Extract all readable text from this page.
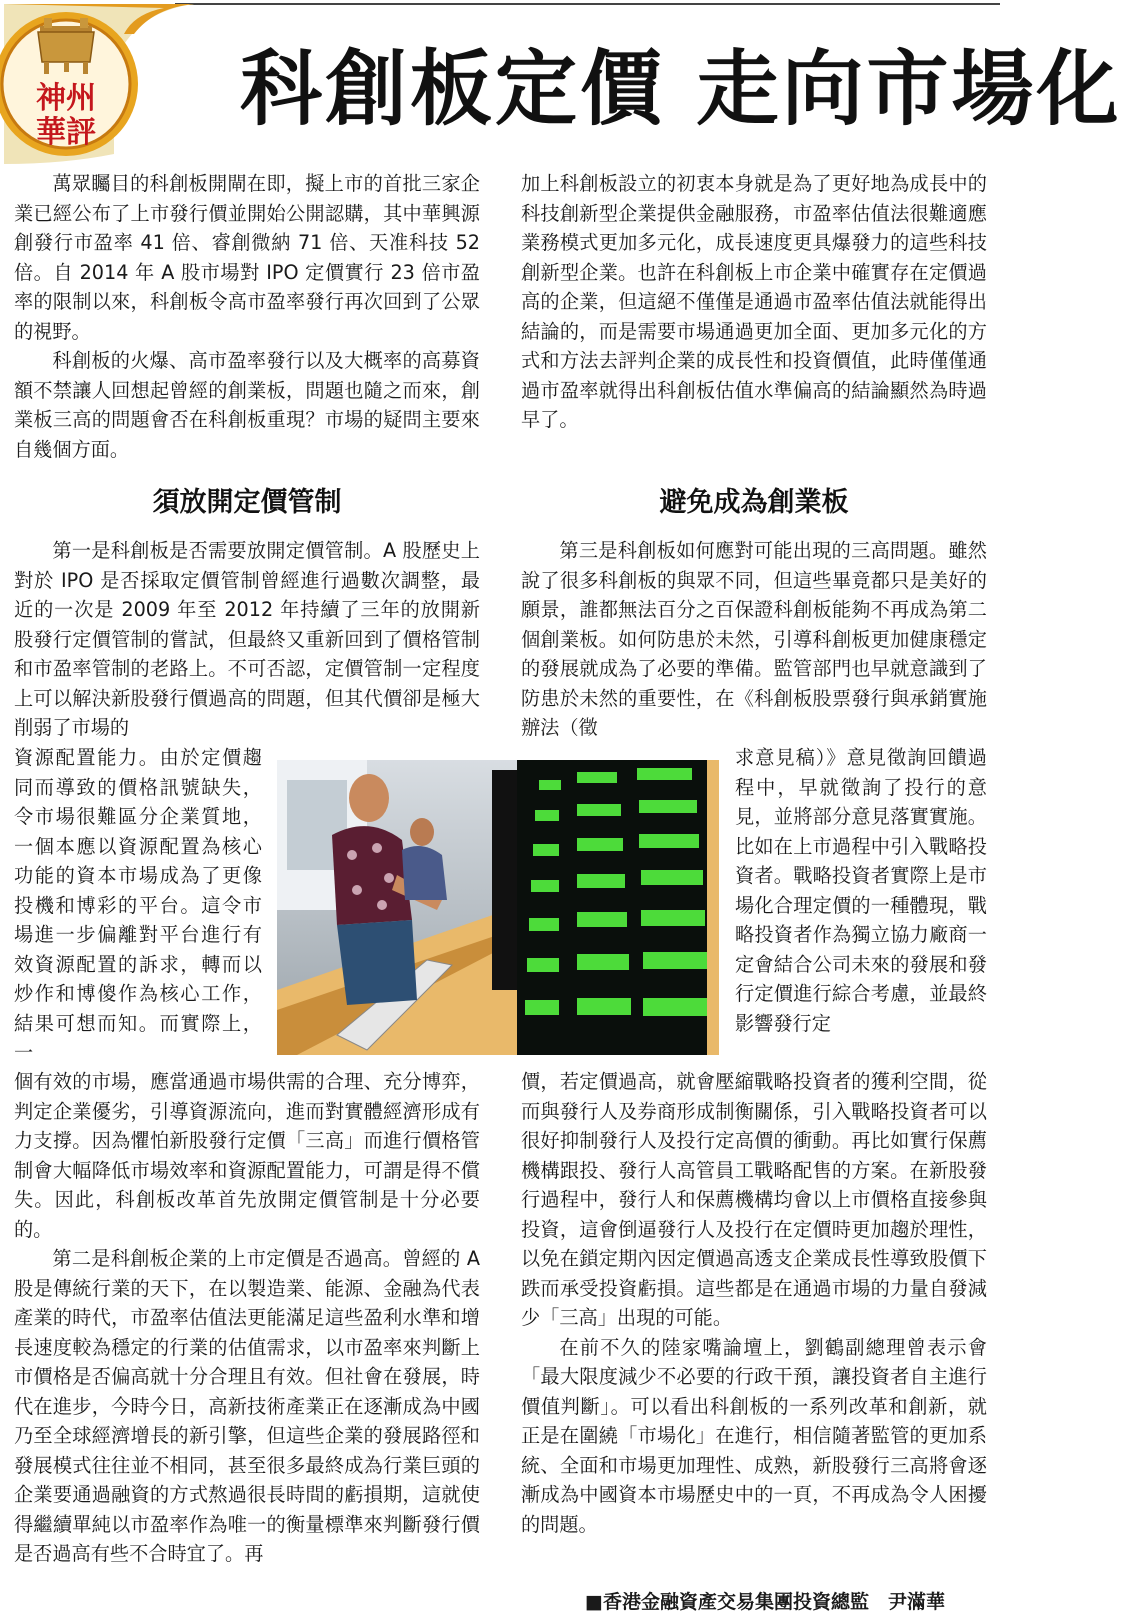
神州
華評 科創板定價 走向市場化

萬眾矚目的科創板開閘在即，擬上市的首批三家企業已經公布了上市發行價並開始公開認購，其中華興源創發行市盈率 41 倍、睿創微納 71 倍、天准科技 52 倍。自 2014 年 A 股市場對 IPO 定價實行 23 倍市盈率的限制以來，科創板令高市盈率發行再次回到了公眾的視野。

科創板的火爆、高市盈率發行以及大概率的高募資額不禁讓人回想起曾經的創業板，問題也隨之而來，創業板三高的問題會否在科創板重現？市場的疑問主要來自幾個方面。

加上科創板設立的初衷本身就是為了更好地為成長中的科技創新型企業提供金融服務，市盈率估值法很難適應業務模式更加多元化，成長速度更具爆發力的這些科技創新型企業。也許在科創板上市企業中確實存在定價過高的企業，但這絕不僅僅是通過市盈率估值法就能得出結論的，而是需要市場通過更加全面、更加多元化的方式和方法去評判企業的成長性和投資價值，此時僅僅通過市盈率就得出科創板估值水準偏高的結論顯然為時過早了。

須放開定價管制	避免成為創業板

第一是科創板是否需要放開定價管制。A 股歷史上對於 IPO 是否採取定價管制曾經進行過數次調整，最近的一次是 2009 年至 2012 年持續了三年的放開新股發行定價管制的嘗試，但最終又重新回到了價格管制和市盈率管制的老路上。不可否認，定價管制一定程度上可以解決新股發行價過高的問題，但其代價卻是極大削弱了市場的

資源配置能力。由於定價趨同而導致的價格訊號缺失，令市場很難區分企業質地，一個本應以資源配置為核心功能的資本市場成為了更像投機和博彩的平台。這令市場進一步偏離對平台進行有效資源配置的訴求，轉而以炒作和博傻作為核心工作，結果可想而知。而實際上，一

個有效的市場，應當通過市場供需的合理、充分博弈，判定企業優劣，引導資源流向，進而對實體經濟形成有力支撐。因為懼怕新股發行定價「三高」而進行價格管制會大幅降低市場效率和資源配置能力，可謂是得不償失。因此，科創板改革首先放開定價管制是十分必要的。

第二是科創板企業的上市定價是否過高。曾經的 A 股是傳統行業的天下，在以製造業、能源、金融為代表產業的時代，市盈率估值法更能滿足這些盈利水準和增長速度較為穩定的行業的估值需求，以市盈率來判斷上市價格是否偏高就十分合理且有效。但社會在發展，時代在進步，今時今日，高新技術產業正在逐漸成為中國乃至全球經濟增長的新引擎，但這些企業的發展路徑和發展模式往往並不相同，甚至很多最終成為行業巨頭的企業要通過融資的方式熬過很長時間的虧損期，這就使得繼續單純以市盈率作為唯一的衡量標準來判斷發行價是否過高有些不合時宜了。再

第三是科創板如何應對可能出現的三高問題。雖然說了很多科創板的與眾不同，但這些畢竟都只是美好的願景，誰都無法百分之百保證科創板能夠不再成為第二個創業板。如何防患於未然，引導科創板更加健康穩定的發展就成為了必要的準備。監管部門也早就意識到了防患於未然的重要性，在《科創板股票發行與承銷實施辦法（徵

求意見稿）》意見徵詢回饋過程中，早就徵詢了投行的意見，並將部分意見落實實施。比如在上市過程中引入戰略投資者。戰略投資者實際上是市場化合理定價的一種體現，戰略投資者作為獨立協力廠商一定會結合公司未來的發展和發行定價進行綜合考慮，並最終影響發行定

價，若定價過高，就會壓縮戰略投資者的獲利空間，從而與發行人及券商形成制衡關係，引入戰略投資者可以很好抑制發行人及投行定高價的衝動。再比如實行保薦機構跟投、發行人高管員工戰略配售的方案。在新股發行過程中，發行人和保薦機構均會以上市價格直接參與投資，這會倒逼發行人及投行在定價時更加趨於理性，以免在鎖定期內因定價過高透支企業成長性導致股價下跌而承受投資虧損。這些都是在通過市場的力量自發減少「三高」出現的可能。

在前不久的陸家嘴論壇上，劉鶴副總理曾表示會「最大限度減少不必要的行政干預，讓投資者自主進行價值判斷」。可以看出科創板的一系列改革和創新，就正是在圍繞「市場化」在進行，相信隨著監管的更加系統、全面和市場更加理性、成熟，新股發行三高將會逐漸成為中國資本市場歷史中的一頁，不再成為令人困擾的問題。

■香港金融資產交易集團投資總監　尹滿華
